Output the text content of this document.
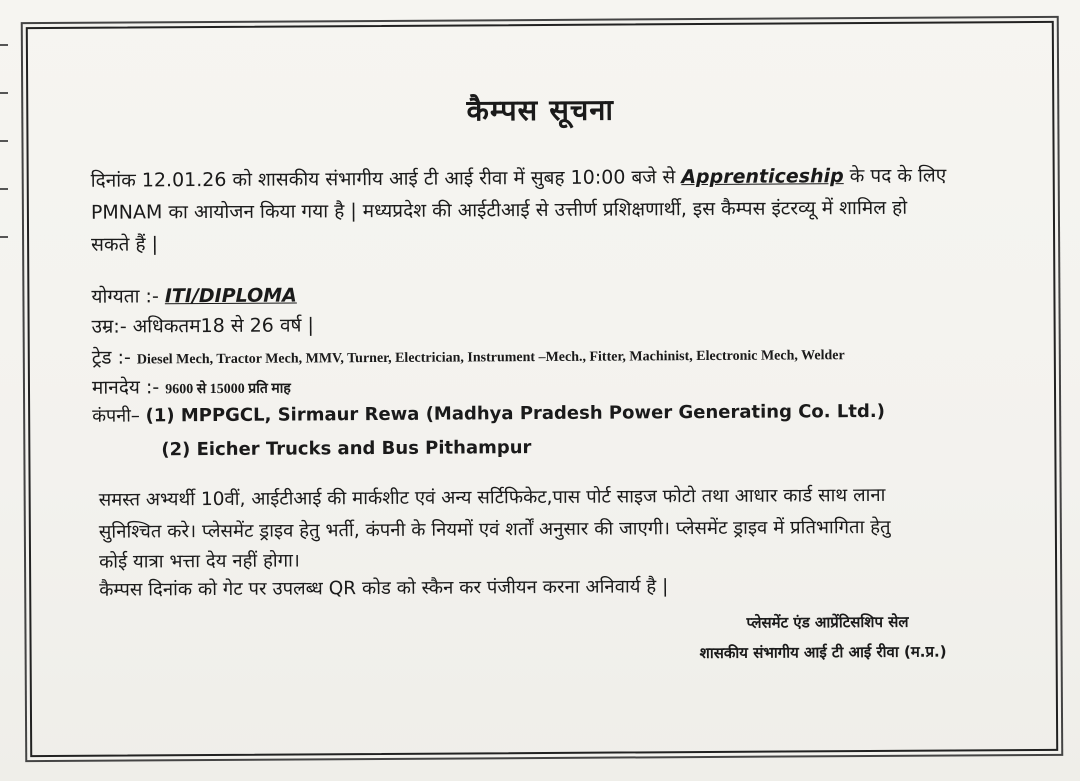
कैम्पस सूचना
दिनांक 12.01.26 को शासकीय संभागीय आई टी आई रीवा में सुबह 10:00 बजे से Apprenticeship के पद के लिए
PMNAM का आयोजन किया गया है | मध्यप्रदेश की आईटीआई से उत्तीर्ण प्रशिक्षणार्थी, इस कैम्पस इंटरव्यू में शामिल हो
सकते हैं |
योग्यता :- ITI/DIPLOMA
उम्र:- अधिकतम18 से 26 वर्ष |
ट्रेड :- Diesel Mech, Tractor Mech, MMV, Turner, Electrician, Instrument –Mech., Fitter, Machinist, Electronic Mech, Welder
मानदेय :- 9600 से 15000 प्रति माह
कंपनी– (1) MPPGCL, Sirmaur Rewa (Madhya Pradesh Power Generating Co. Ltd.)
(2) Eicher Trucks and Bus Pithampur
समस्त अभ्यर्थी 10वीं, आईटीआई की मार्कशीट एवं अन्य सर्टिफिकेट,पास पोर्ट साइज फोटो तथा आधार कार्ड साथ लाना
सुनिश्चित करे। प्लेसमेंट ड्राइव हेतु भर्ती, कंपनी के नियमों एवं शर्तों अनुसार की जाएगी। प्लेसमेंट ड्राइव में प्रतिभागिता हेतु
कोई यात्रा भत्ता देय नहीं होगा।
कैम्पस दिनांक को गेट पर उपलब्ध QR कोड को स्कैन कर पंजीयन करना अनिवार्य है |
प्लेसमेंट एंड आप्रेंटिसशिप सेल
शासकीय संभागीय आई टी आई रीवा (म.प्र.)
